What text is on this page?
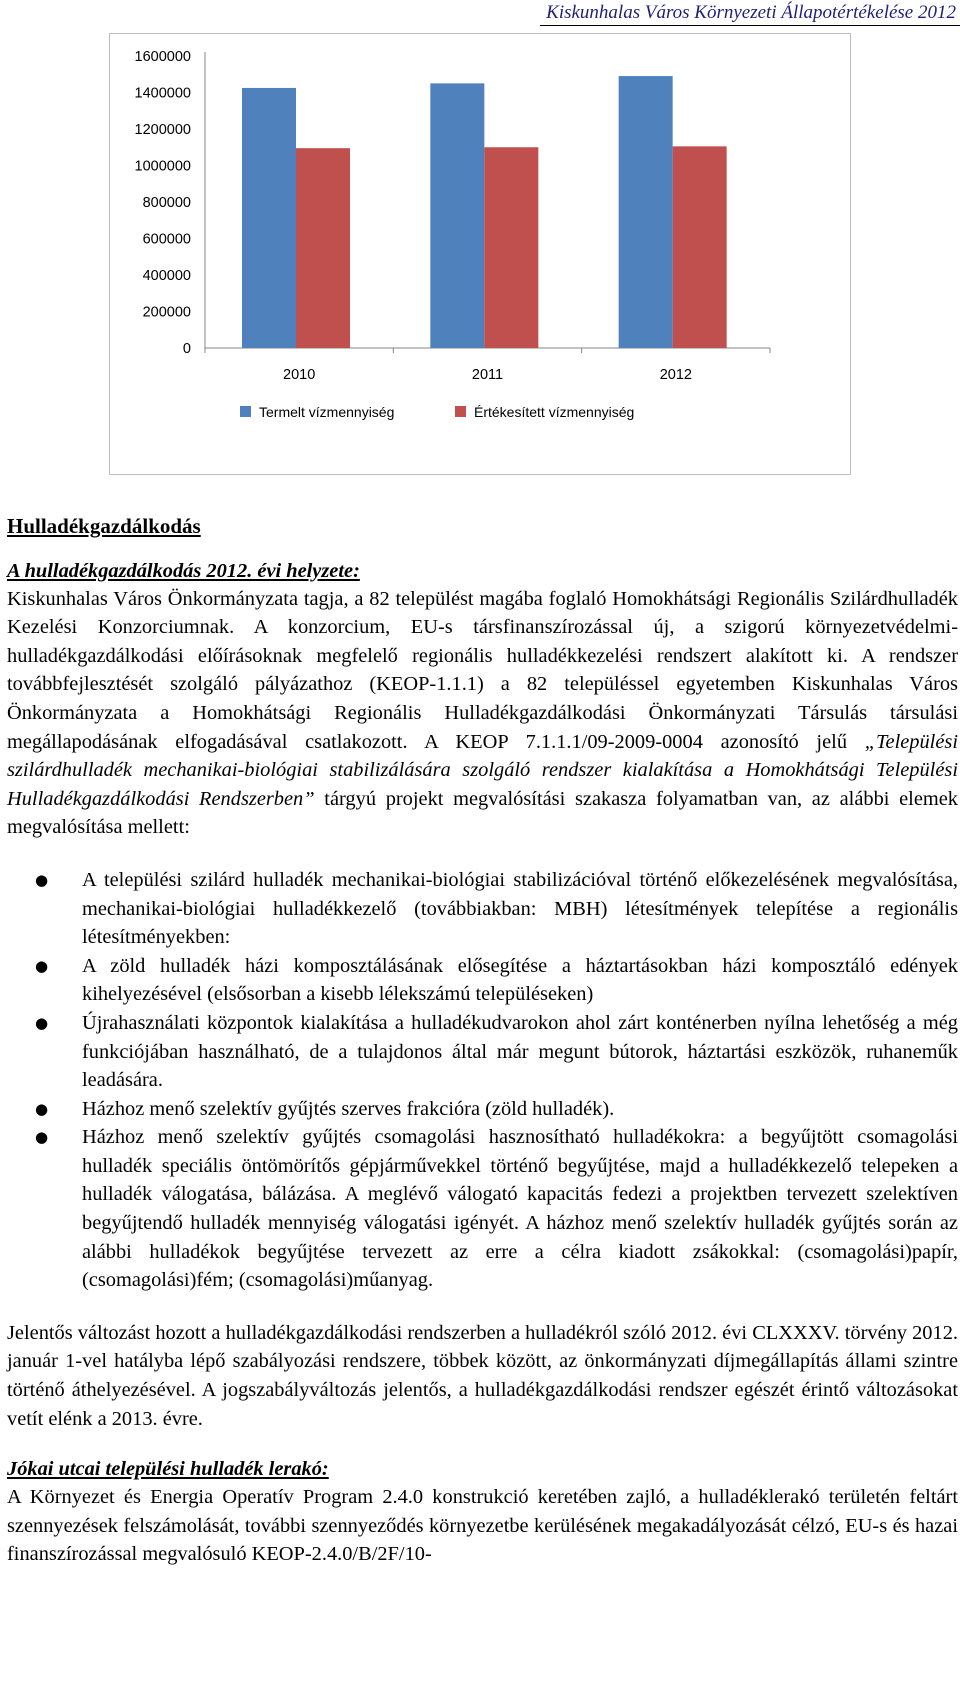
Kiskunhalas Város Környezeti Állapotértékelése 2012
1600000
1400000
1200000
1000000
800000
600000
400000
200000
0
2010	2011	2012
Termelt vízmennyiség	Értékesített vízmennyiség
Hulladékgazdálkodás
A hulladékgazdálkodás 2012. évi helyzete:

Kiskunhalas Város Önkormányzata tagja, a 82 települést magába foglaló Homokhátsági Regionális Szilárdhulladék Kezelési Konzorciumnak. A konzorcium, EU-s társfinanszírozással új, a szigorú környezetvédelmi-hulladékgazdálkodási előírásoknak megfelelő regionális hulladékkezelési rendszert alakított ki. A rendszer továbbfejlesztését szolgáló pályázathoz (KEOP-1.1.1) a 82 településsel egyetemben Kiskunhalas Város Önkormányzata a Homokhátsági Regionális Hulladékgazdálkodási Önkormányzati Társulás társulási megállapodásának elfogadásával csatlakozott. A KEOP 7.1.1.1/09-2009-0004 azonosító jelű „Települési szilárdhulladék mechanikai-biológiai stabilizálására szolgáló rendszer kialakítása a Homokhátsági Települési Hulladékgazdálkodási Rendszerben” tárgyú projekt megvalósítási szakasza folyamatban van, az alábbi elemek megvalósítása mellett:

● A települési szilárd hulladék mechanikai-biológiai stabilizációval történő előkezelésének megvalósítása, mechanikai-biológiai hulladékkezelő (továbbiakban: MBH) létesítmények telepítése a regionális létesítményekben:
● A zöld hulladék házi komposztálásának elősegítése a háztartásokban házi komposztáló edények kihelyezésével (elsősorban a kisebb lélekszámú településeken)
● Újrahasználati központok kialakítása a hulladékudvarokon ahol zárt konténerben nyílna lehetőség a még funkciójában használható, de a tulajdonos által már megunt bútorok, háztartási eszközök, ruhaneműk leadására.
● Házhoz menő szelektív gyűjtés szerves frakcióra (zöld hulladék).
● Házhoz menő szelektív gyűjtés csomagolási hasznosítható hulladékokra: a begyűjtött csomagolási hulladék speciális öntömörítős gépjárművekkel történő begyűjtése, majd a hulladékkezelő telepeken a hulladék válogatása, bálázása. A meglévő válogató kapacitás fedezi a projektben tervezett szelektíven begyűjtendő hulladék mennyiség válogatási igényét. A házhoz menő szelektív hulladék gyűjtés során az alábbi hulladékok begyűjtése tervezett az erre a célra kiadott zsákokkal: (csomagolási)papír,(csomagolási)fém; (csomagolási)műanyag.

Jelentős változást hozott a hulladékgazdálkodási rendszerben a hulladékról szóló 2012. évi CLXXXV. törvény 2012. január 1-vel hatályba lépő szabályozási rendszere, többek között, az önkormányzati díjmegállapítás állami szintre történő áthelyezésével. A jogszabályváltozás jelentős, a hulladékgazdálkodási rendszer egészét érintő változásokat vetít elénk a 2013. évre.

Jókai utcai települési hulladék lerakó:

A Környezet és Energia Operatív Program 2.4.0 konstrukció keretében zajló, a hulladéklerakó területén feltárt szennyezések felszámolását, további szennyeződés környezetbe kerülésének megakadályozását célzó, EU-s és hazai finanszírozással megvalósuló KEOP-2.4.0/B/2F/10-
